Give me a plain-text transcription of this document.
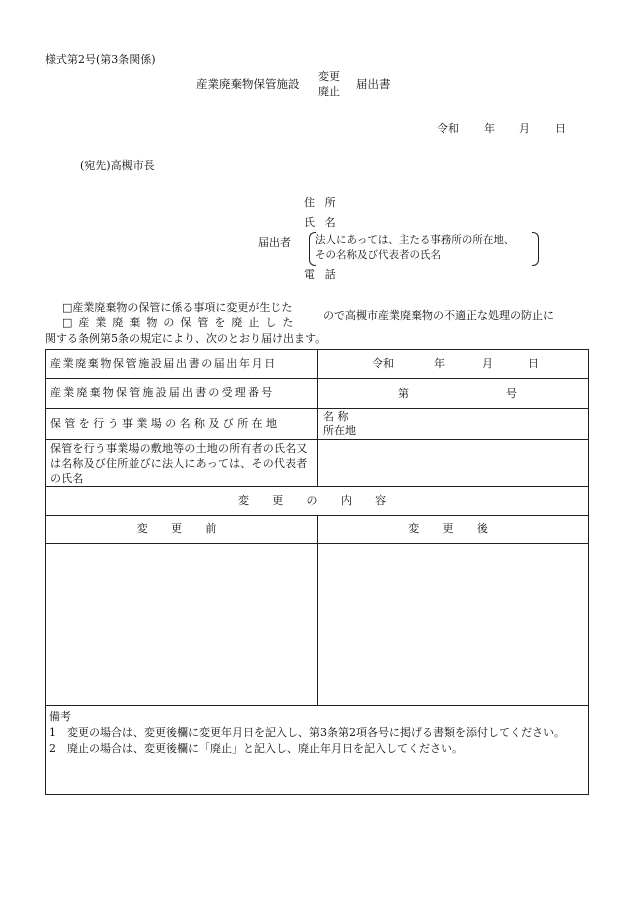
様式第2号(第3条関係)
産業廃棄物保管施設
変更
廃止
届出書
令和 年 月 日
(宛先)高槻市長
住 所
氏 名
届出者 法人にあっては、主たる事務所の所在地、
その名称及び代表者の氏名
電 話
□産業廃棄物の保管に係る事項に変更が生じた
□産業廃棄物の保管を廃止した
ので高槻市産業廃棄物の不適正な処理の防止に
関する条例第5条の規定により、次のとおり届け出ます。
産業廃棄物保管施設届出書の届出年月日	令和 年 月 日

産業廃棄物保管施設届出書の受理番号	第 号

保管を行う事業場の名称及び所在地	名 称
所在地

保管を行う事業場の敷地等の土地の所有者の氏名又は名称及び住所並びに法人にあっては、その代表者の氏名	
変 更 の 内 容	
変 更 前	変 更 後

備考
1　変更の場合は、変更後欄に変更年月日を記入し、第3条第2項各号に掲げる書類を添付してください。
2　廃止の場合は、変更後欄に「廃止」と記入し、廃止年月日を記入してください。	
